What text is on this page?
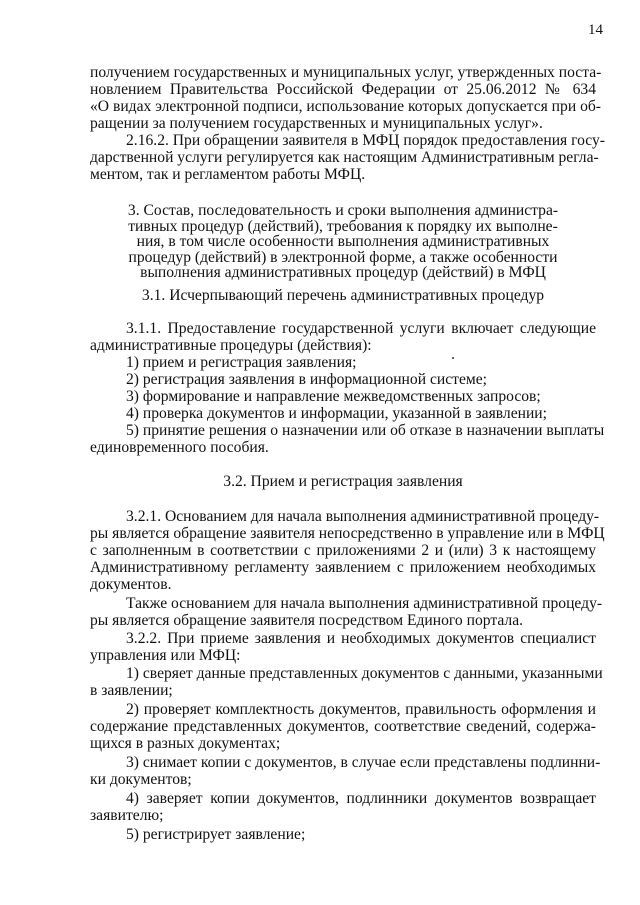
14
получением государственных и муниципальных услуг, утвержденных поста-
новлением Правительства Российской Федерации от 25.06.2012 № 634
«О видах электронной подписи, использование которых допускается при об-
ращении за получением государственных и муниципальных услуг».
2.16.2. При обращении заявителя в МФЦ порядок предоставления госу-
дарственной услуги регулируется как настоящим Административным регла-
ментом, так и регламентом работы МФЦ.
3. Состав, последовательность и сроки выполнения администра-
тивных процедур (действий), требования к порядку их выполне-
ния, в том числе особенности выполнения административных
процедур (действий) в электронной форме, а также особенности
выполнения административных процедур (действий) в МФЦ
3.1. Исчерпывающий перечень административных процедур
3.1.1. Предоставление государственной услуги включает следующие
административные процедуры (действия):
1) прием и регистрация заявления;
2) регистрация заявления в информационной системе;
3) формирование и направление межведомственных запросов;
4) проверка документов и информации, указанной в заявлении;
5) принятие решения о назначении или об отказе в назначении выплаты
единовременного пособия.
3.2. Прием и регистрация заявления
3.2.1. Основанием для начала выполнения административной процеду-
ры является обращение заявителя непосредственно в управление или в МФЦ
с заполненным в соответствии с приложениями 2 и (или) 3 к настоящему
Административному регламенту заявлением с приложением необходимых
документов.
Также основанием для начала выполнения административной процеду-
ры является обращение заявителя посредством Единого портала.
3.2.2. При приеме заявления и необходимых документов специалист
управления или МФЦ:
1) сверяет данные представленных документов с данными, указанными
в заявлении;
2) проверяет комплектность документов, правильность оформления и
содержание представленных документов, соответствие сведений, содержа-
щихся в разных документах;
3) снимает копии с документов, в случае если представлены подлинни-
ки документов;
4) заверяет копии документов, подлинники документов возвращает
заявителю;
5) регистрирует заявление;
